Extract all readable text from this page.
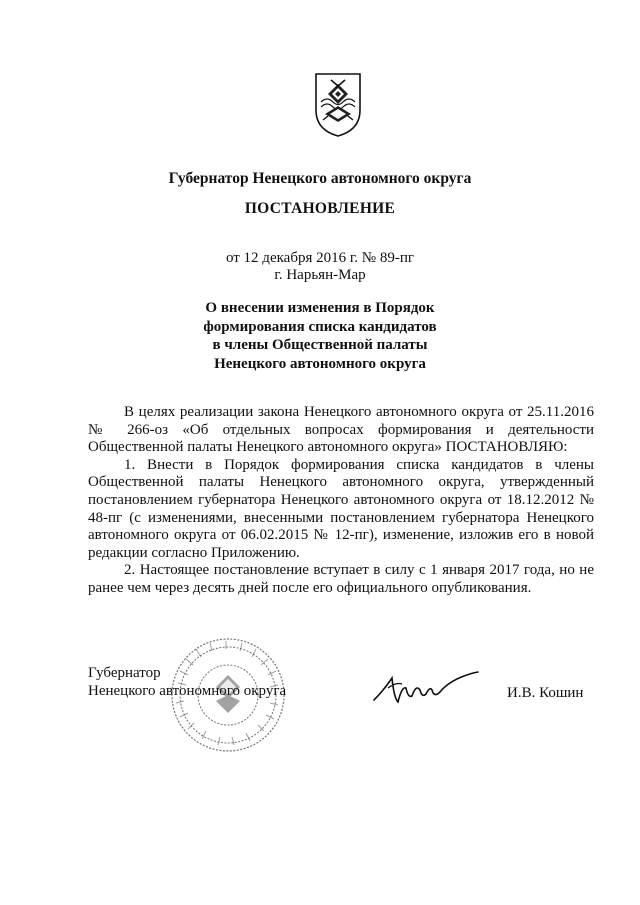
Губернатор Ненецкого автономного округа
ПОСТАНОВЛЕНИЕ
от 12 декабря 2016 г. № 89-пг
г. Нарьян-Мар
О внесении изменения в Порядок
формирования списка кандидатов
в члены Общественной палаты
Ненецкого автономного округа

В целях реализации закона Ненецкого автономного округа от 25.11.2016 № 266-оз «Об отдельных вопросах формирования и деятельности Общественной палаты Ненецкого автономного округа» ПОСТАНОВЛЯЮ:

1. Внести в Порядок формирования списка кандидатов в члены Общественной палаты Ненецкого автономного округа, утвержденный постановлением губернатора Ненецкого автономного округа от 18.12.2012 № 48-пг (с изменениями, внесенными постановлением губернатора Ненецкого автономного округа от 06.02.2015 № 12-пг), изменение, изложив его в новой редакции согласно Приложению.

2. Настоящее постановление вступает в силу с 1 января 2017 года, но не ранее чем через десять дней после его официального опубликования.

Губернатор
Ненецкого автономного округа	И.В. Кошин
